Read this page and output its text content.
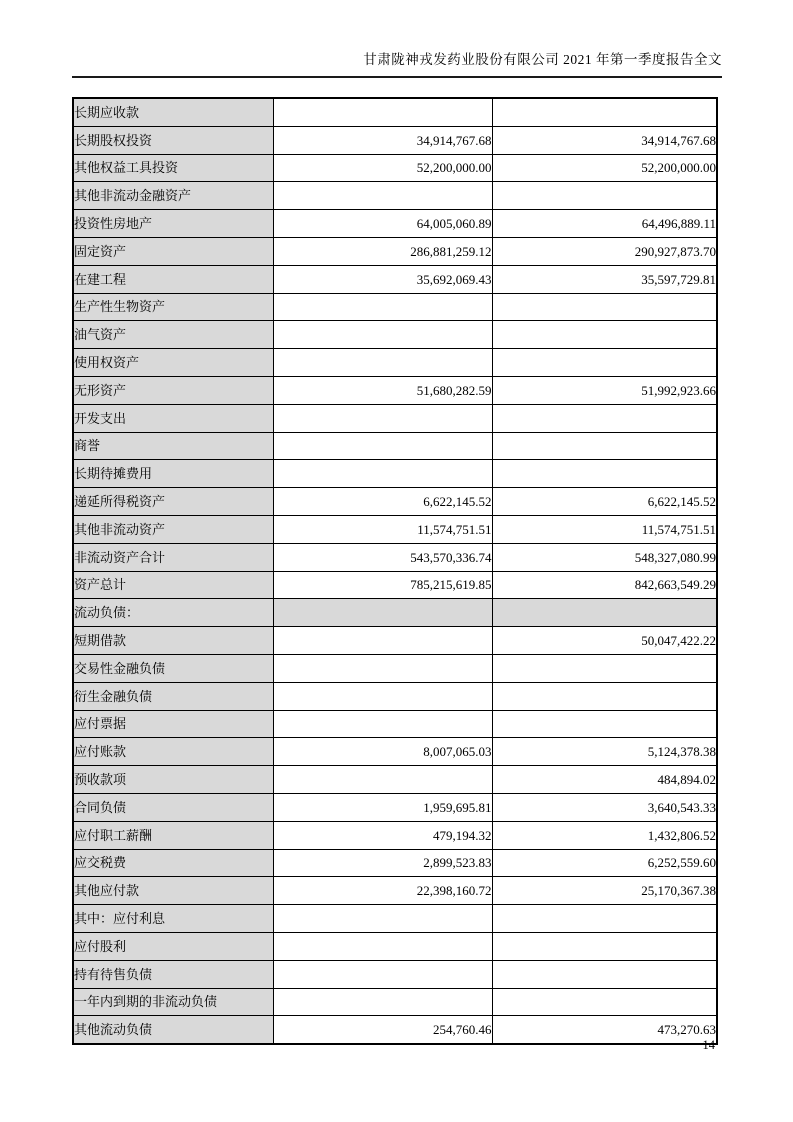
甘肃陇神戎发药业股份有限公司 2021 年第一季度报告全文
长期应收款		
长期股权投资	34,914,767.68	34,914,767.68
其他权益工具投资	52,200,000.00	52,200,000.00
其他非流动金融资产		
投资性房地产	64,005,060.89	64,496,889.11
固定资产	286,881,259.12	290,927,873.70
在建工程	35,692,069.43	35,597,729.81
生产性生物资产		
油气资产		
使用权资产		
无形资产	51,680,282.59	51,992,923.66
开发支出		
商誉		
长期待摊费用		
递延所得税资产	6,622,145.52	6,622,145.52
其他非流动资产	11,574,751.51	11,574,751.51
非流动资产合计	543,570,336.74	548,327,080.99
资产总计	785,215,619.85	842,663,549.29
流动负债：		
短期借款		50,047,422.22
交易性金融负债		
衍生金融负债		
应付票据		
应付账款	8,007,065.03	5,124,378.38
预收款项		484,894.02
合同负债	1,959,695.81	3,640,543.33
应付职工薪酬	479,194.32	1,432,806.52
应交税费	2,899,523.83	6,252,559.60
其他应付款	22,398,160.72	25,170,367.38
其中：应付利息		
应付股利		
持有待售负债		
一年内到期的非流动负债		
其他流动负债	254,760.46	473,270.63
14
